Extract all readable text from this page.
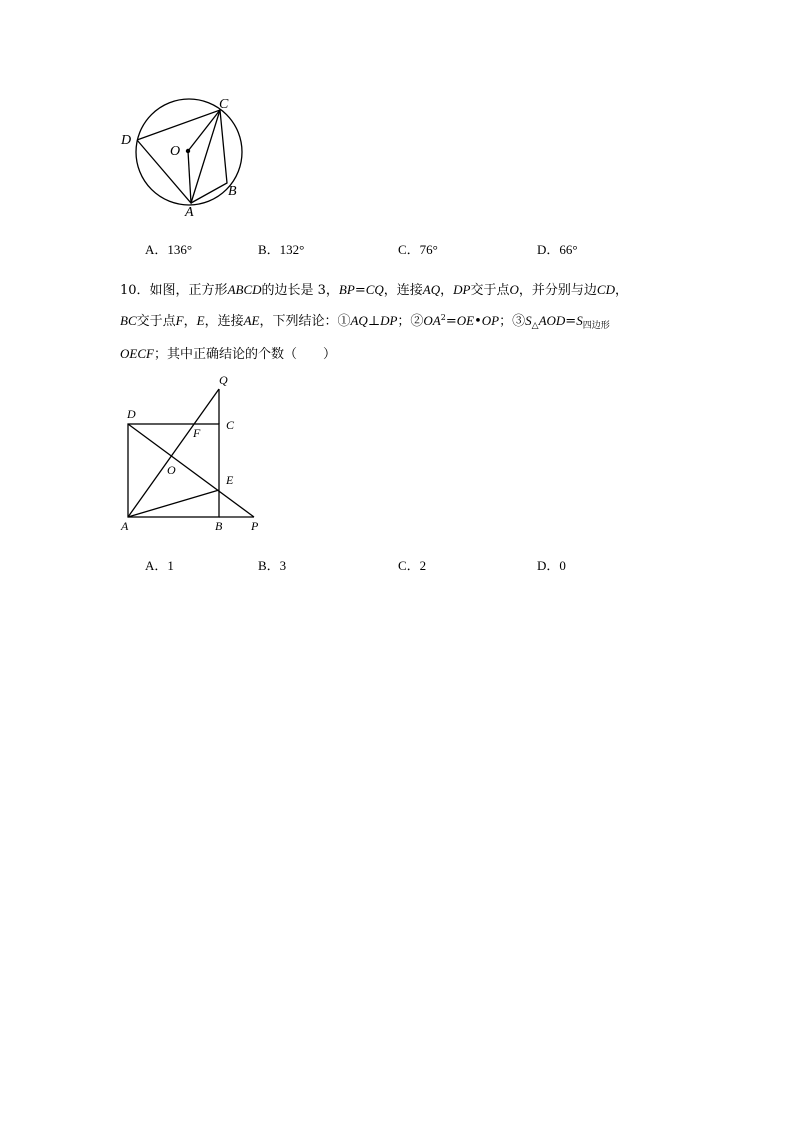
D
C
O
B
A
A．136°	B．132°	C．76°	D．66°
10．如图，正方形ABCD的边长是 3，BP=CQ，连接AQ，DP交于点O，并分别与边CD，
BC交于点F，E，连接AE，下列结论：①AQ⊥DP；$②OA^2=OE•OP$；$③S_\triangle AOD=S_{四边形}$
OECF；其中正确结论的个数（　　）
Q
D
C
F
O
E
A	B P
A．1	B．3	C．2	D．0
